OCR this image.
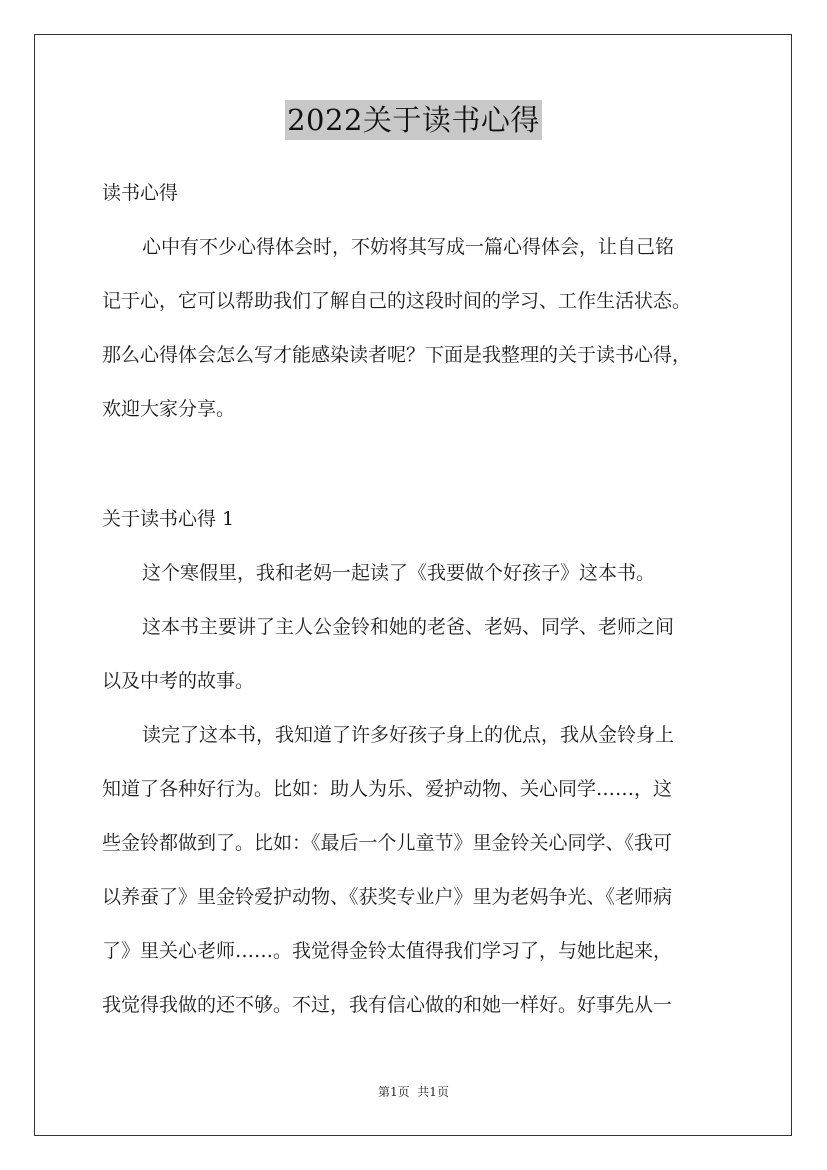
2022关于读书心得
读书心得
心中有不少心得体会时，不妨将其写成一篇心得体会，让自己铭
记于心，它可以帮助我们了解自己的这段时间的学习、工作生活状态。
那么心得体会怎么写才能感染读者呢？下面是我整理的关于读书心得，
欢迎大家分享。
关于读书心得 1
这个寒假里，我和老妈一起读了《我要做个好孩子》这本书。
这本书主要讲了主人公金铃和她的老爸、老妈、同学、老师之间
以及中考的故事。
读完了这本书，我知道了许多好孩子身上的优点，我从金铃身上
知道了各种好行为。比如：助人为乐、爱护动物、关心同学……，这
些金铃都做到了。比如：《最后一个儿童节》里金铃关心同学、《我可
以养蚕了》里金铃爱护动物、《获奖专业户》里为老妈争光、《老师病
了》里关心老师……。我觉得金铃太值得我们学习了，与她比起来，
我觉得我做的还不够。不过，我有信心做的和她一样好。好事先从一
第1页  共1页
